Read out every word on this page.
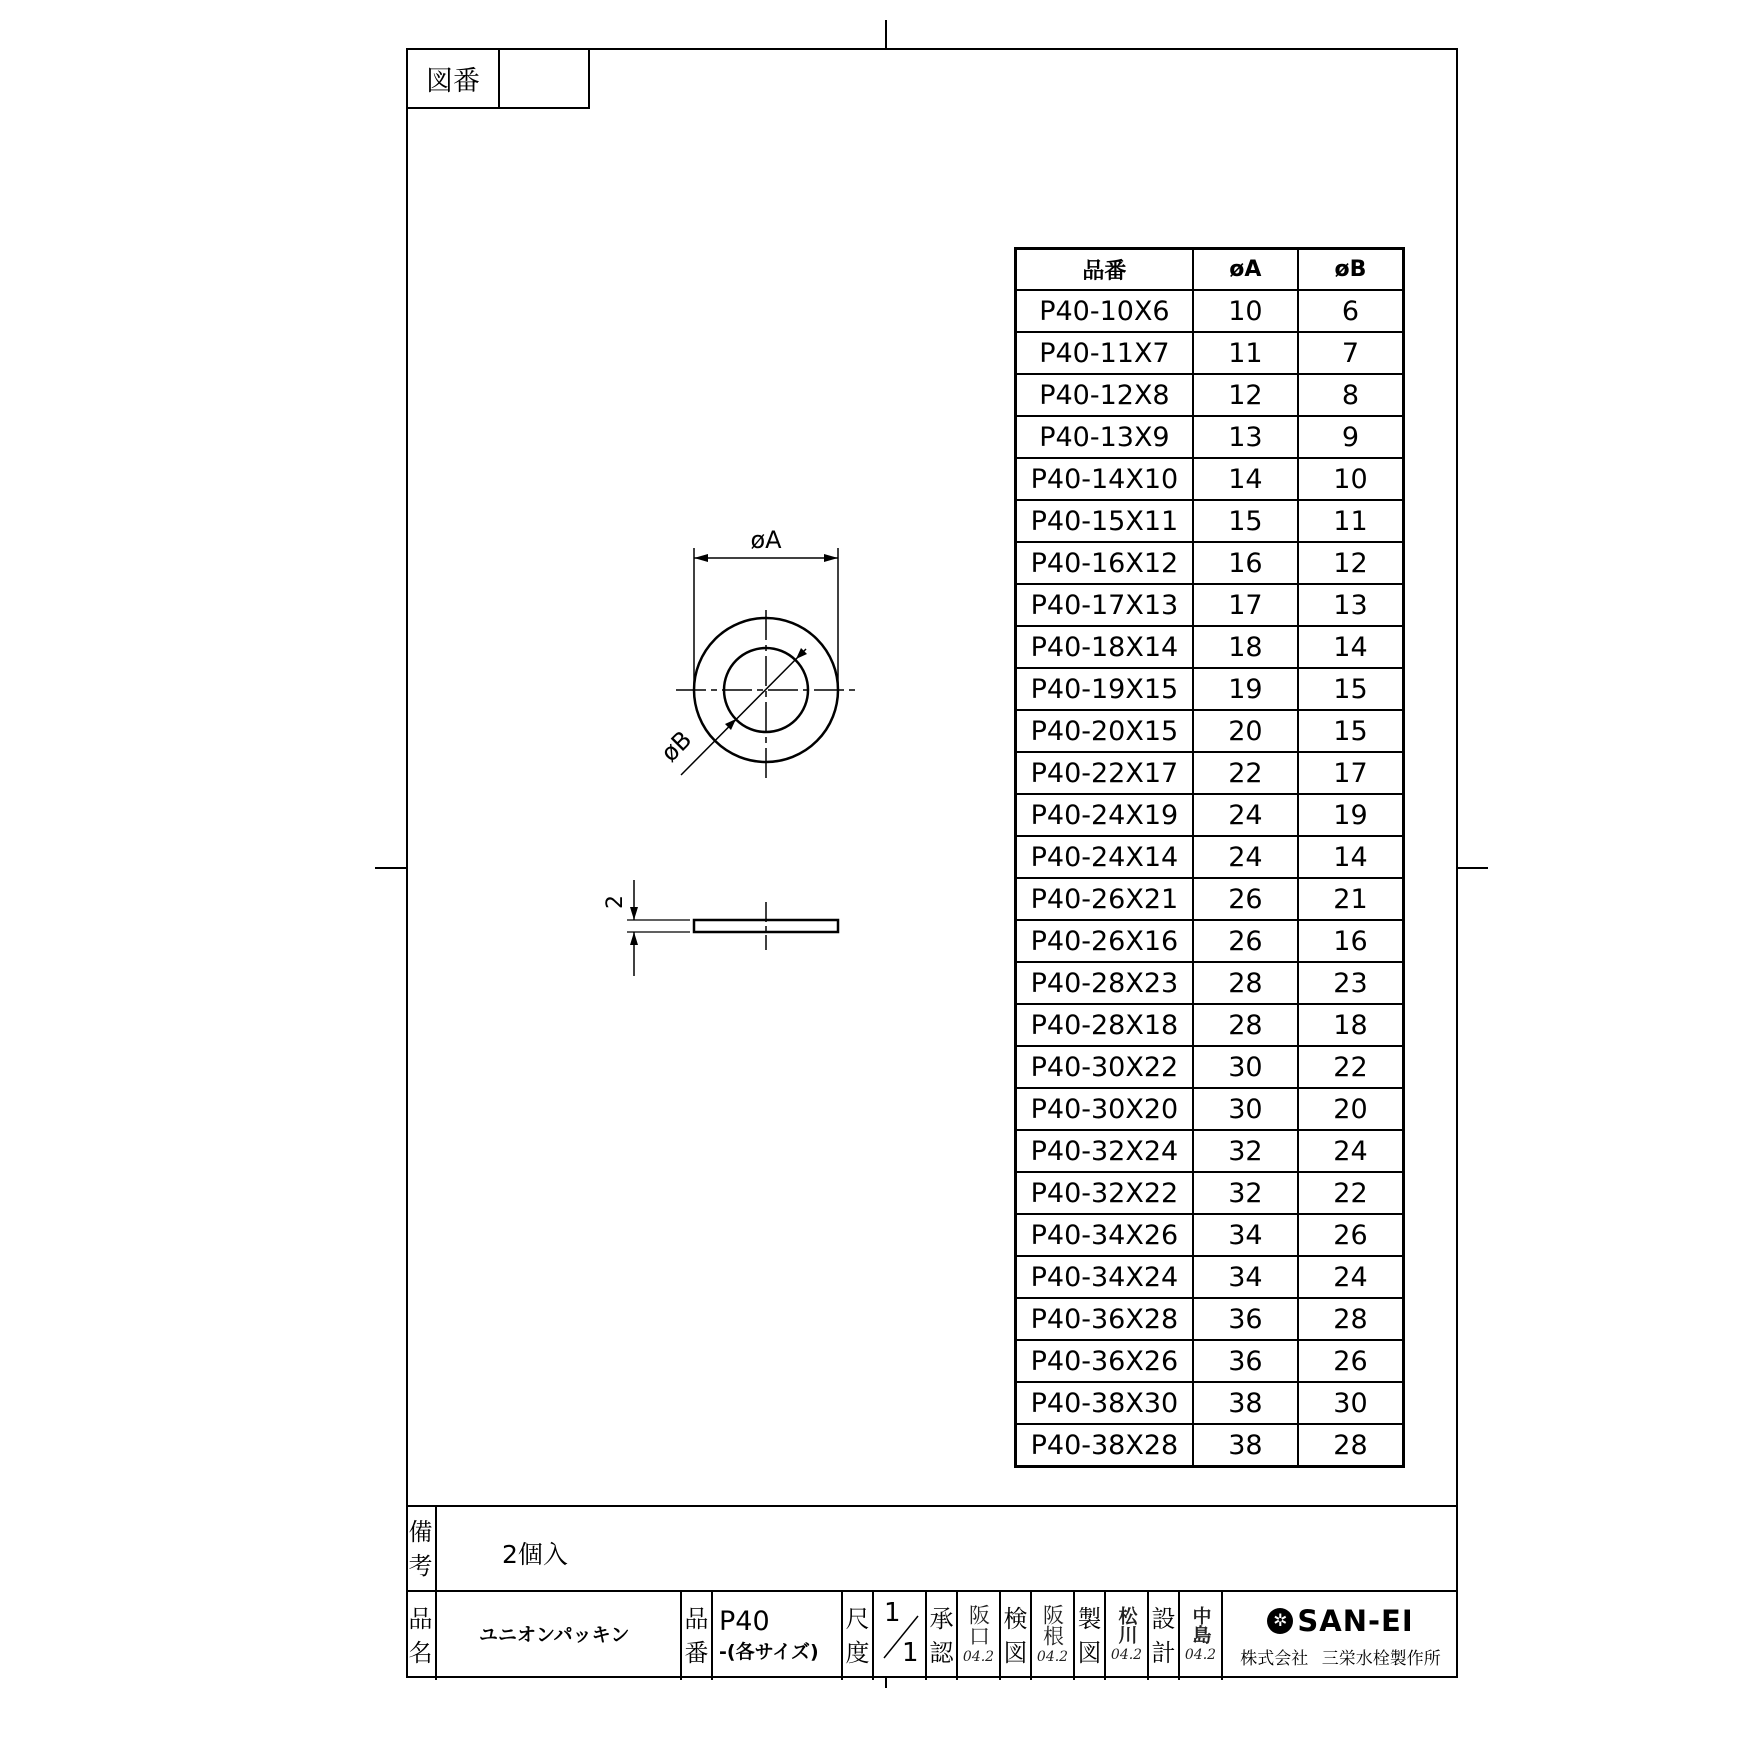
図番
øA
øB
2
品番	øA	øB
P40-10X6	10	6
P40-11X7	11	7
P40-12X8	12	8
P40-13X9	13	9
P40-14X10	14	10
P40-15X11	15	11
P40-16X12	16	12
P40-17X13	17	13
P40-18X14	18	14
P40-19X15	19	15
P40-20X15	20	15
P40-22X17	22	17
P40-24X19	24	19
P40-24X14	24	14
P40-26X21	26	21
P40-26X16	26	16
P40-28X23	28	23
P40-28X18	28	18
P40-30X22	30	22
P40-30X20	30	20
P40-32X24	32	24
P40-32X22	32	22
P40-34X26	34	26
P40-34X24	34	24
P40-36X28	36	28
P40-36X26	36	26
P40-38X30	38	30
P40-38X28	38	28
備
考	2個入
品
名
ユニオンパッキン
品
番
P40
-(各サイズ)
尺
度
1
1
承
認
阪口
04.2
検
図
阪根
04.2
製
図
松川
04.2
設
計
中島
04.2
✲ SAN-EI
株式会社 三栄水栓製作所
